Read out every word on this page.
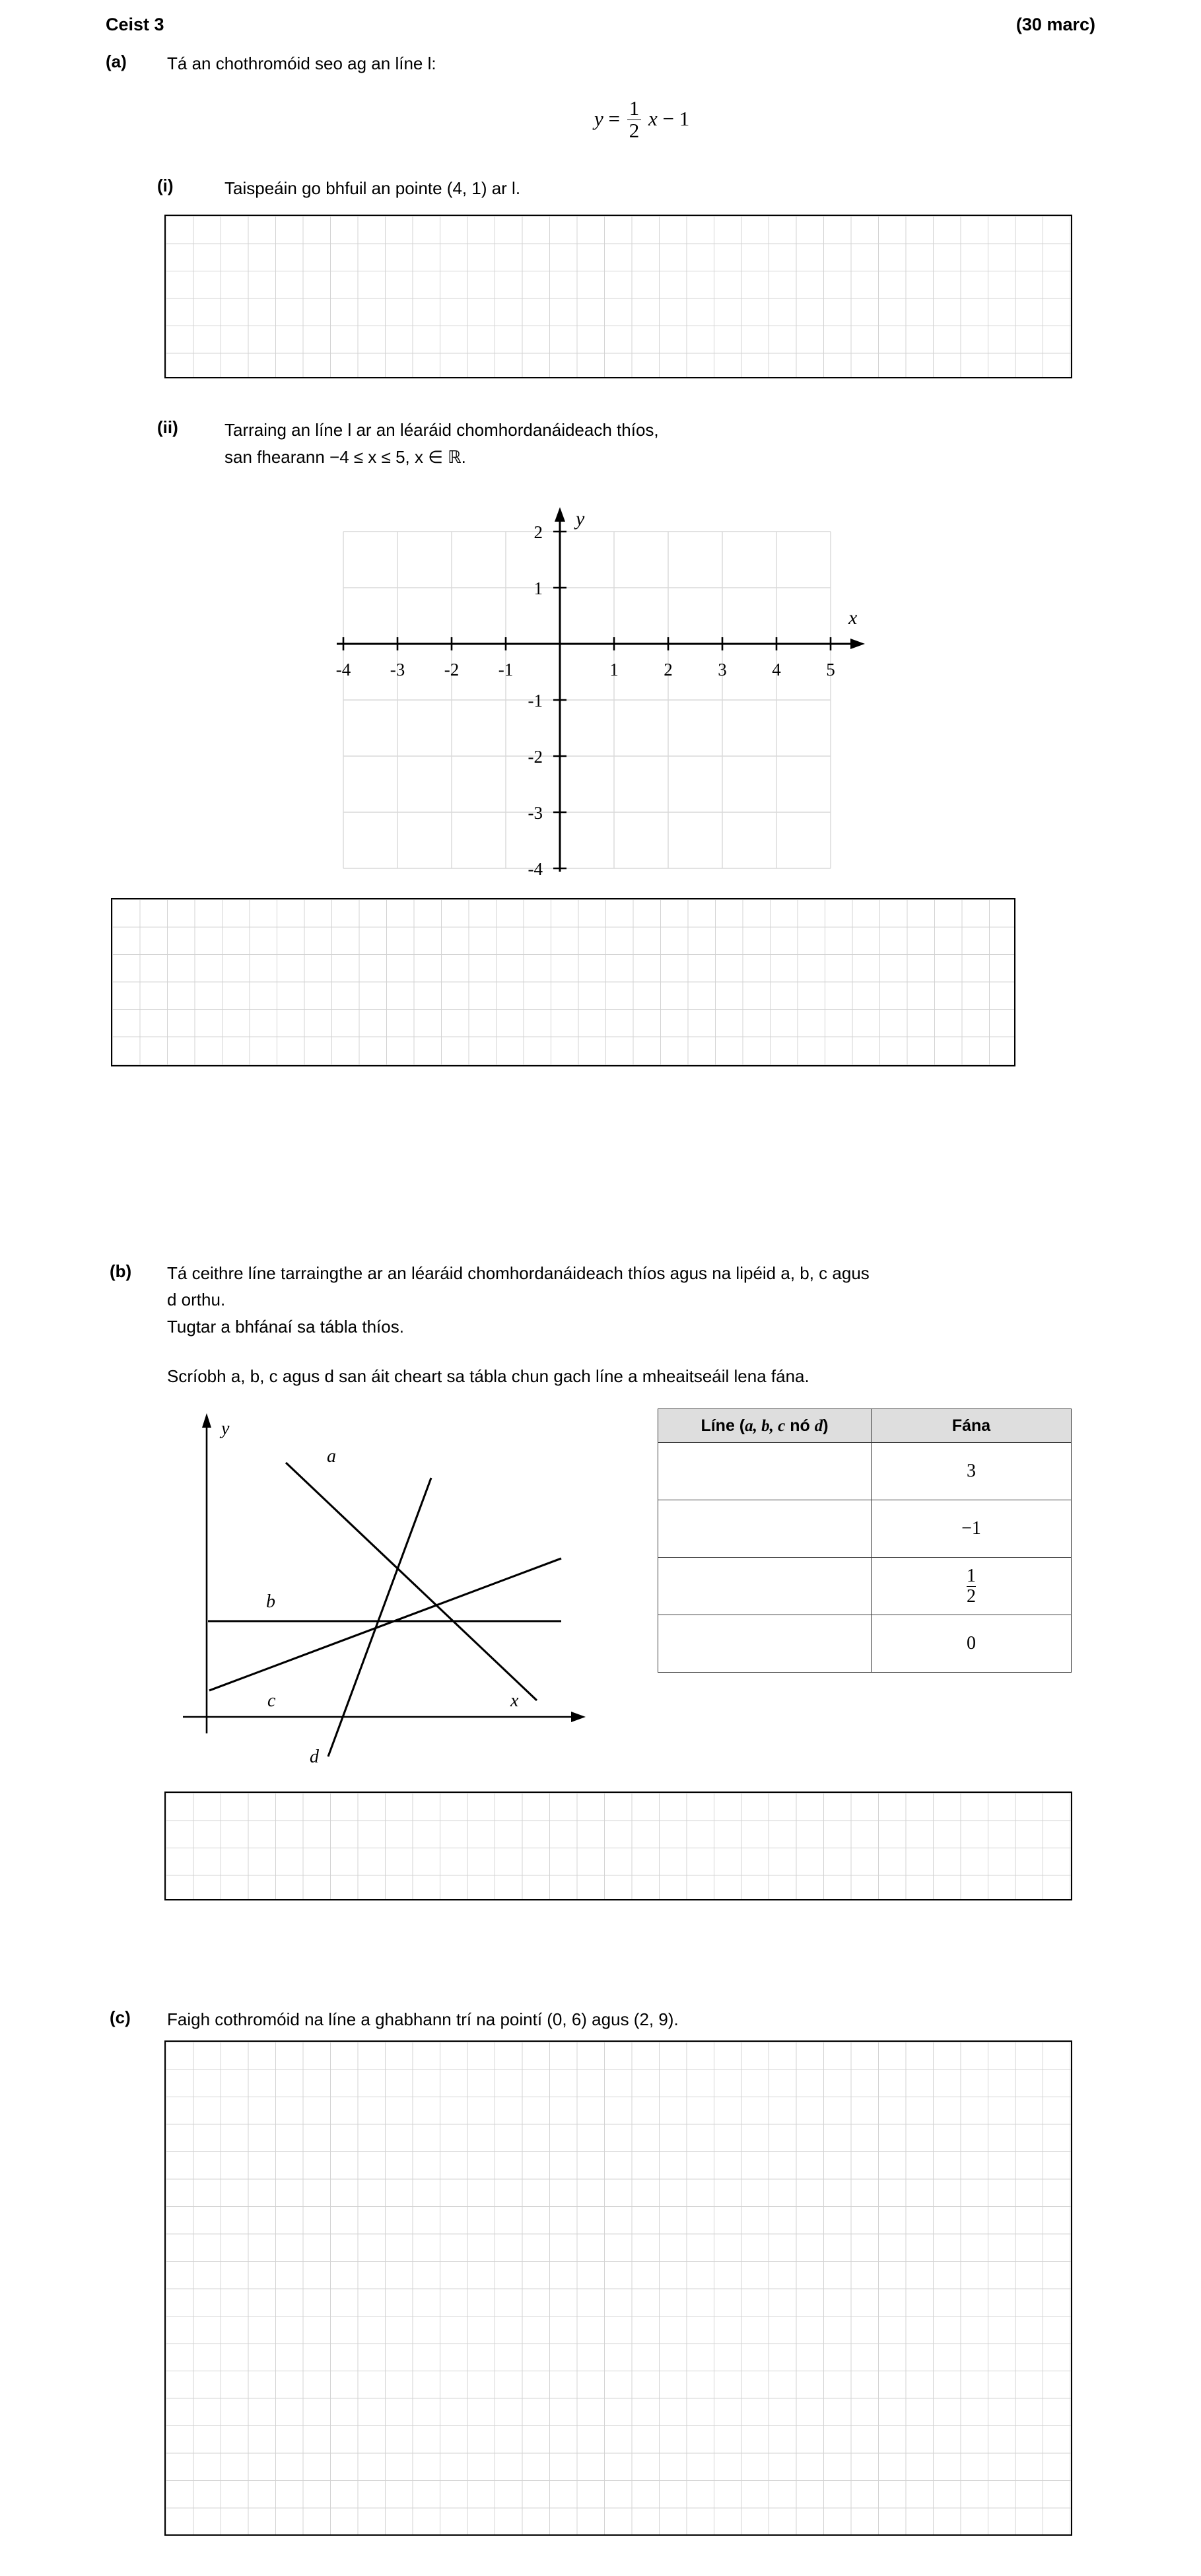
Ceist 3	(30 marc)
(a) Tá an chothromóid seo ag an líne l:
$y = \frac{1}{2}$ x − 1
(i)	Taispeáin go bhfuil an pointe (4, 1) ar l.
(ii)	Tarraing an líne l ar an léaráid chomhordanáideach thíos,
san fhearann −4 ≤ x ≤ 5, x ∈ ℝ.
-4 -3 -2 -1	1	2	3	4	5
2
1
-1
-2
-3
-4
y
x
(b) Tá ceithre líne tarraingthe ar an léaráid chomhordanáideach thíos agus na lipéid a, b, c agus
d orthu.
Tugtar a bhfánaí sa tábla thíos.
Scríobh a, b, c agus d san áit cheart sa tábla chun gach líne a mheaitseáil lena fána.
a
b
c
d
x
y	Líne (a, b, c nó d)	Fána
	3
	−1

	$\frac{1}{2}$

	0
(c) Faigh cothromóid na líne a ghabhann trí na pointí (0, 6) agus (2, 9).
